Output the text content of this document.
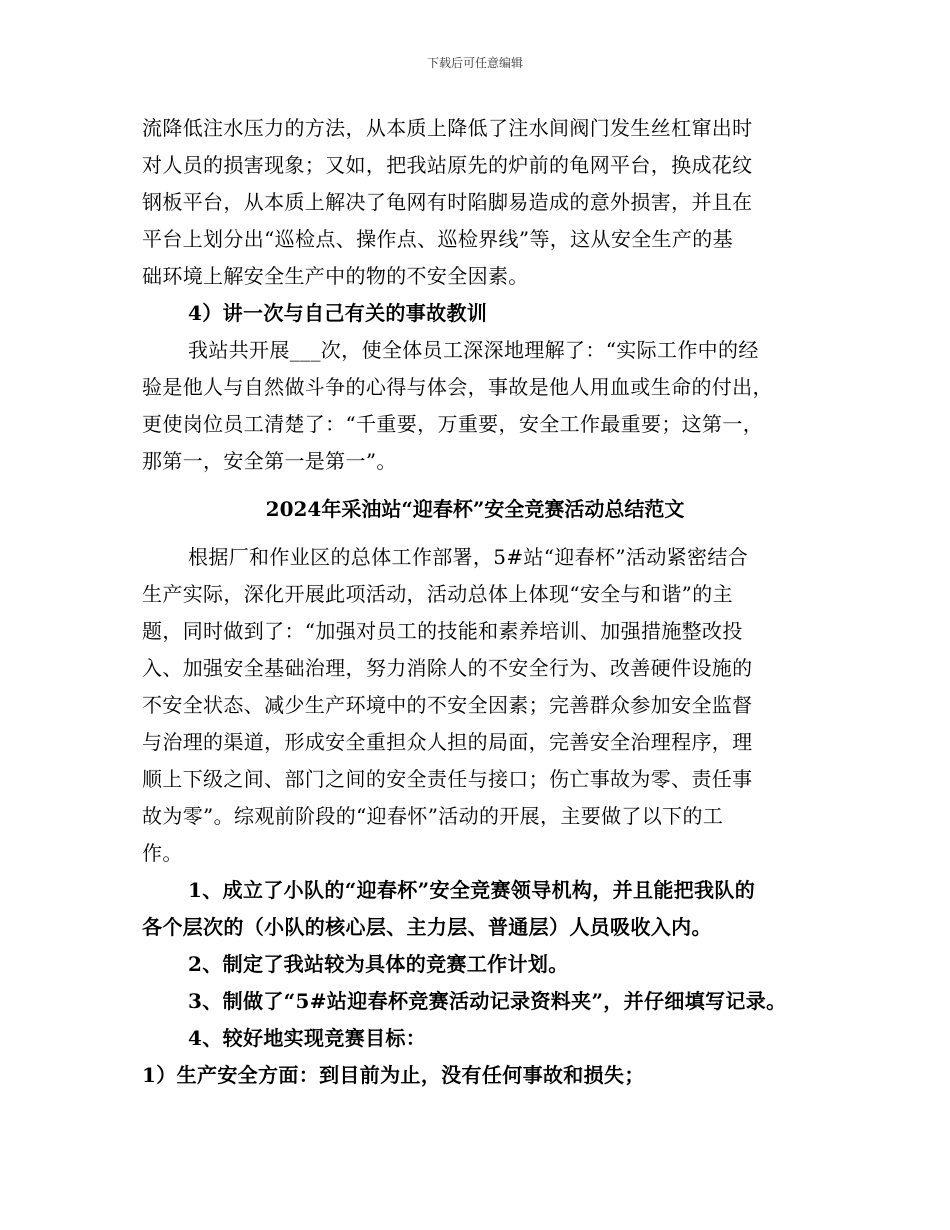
下载后可任意编辑
流降低注水压力的方法，从本质上降低了注水间阀门发生丝杠窜出时
对人员的损害现象；又如，把我站原先的炉前的龟网平台，换成花纹
钢板平台，从本质上解决了龟网有时陷脚易造成的意外损害，并且在
平台上划分出“巡检点、操作点、巡检界线”等，这从安全生产的基
础环境上解安全生产中的物的不安全因素。
4）讲一次与自己有关的事故教训
我站共开展___次，使全体员工深深地理解了：“实际工作中的经
验是他人与自然做斗争的心得与体会，事故是他人用血或生命的付出，
更使岗位员工清楚了：“千重要，万重要，安全工作最重要；这第一，
那第一，安全第一是第一”。
2024年采油站“迎春杯”安全竞赛活动总结范文
根据厂和作业区的总体工作部署，5#站“迎春杯”活动紧密结合
生产实际，深化开展此项活动，活动总体上体现“安全与和谐”的主
题，同时做到了：“加强对员工的技能和素养培训、加强措施整改投
入、加强安全基础治理，努力消除人的不安全行为、改善硬件设施的
不安全状态、减少生产环境中的不安全因素；完善群众参加安全监督
与治理的渠道，形成安全重担众人担的局面，完善安全治理程序，理
顺上下级之间、部门之间的安全责任与接口；伤亡事故为零、责任事
故为零”。综观前阶段的“迎春怀”活动的开展，主要做了以下的工
作。
1、成立了小队的“迎春杯”安全竞赛领导机构，并且能把我队的
各个层次的（小队的核心层、主力层、普通层）人员吸收入内。
2、制定了我站较为具体的竞赛工作计划。
3、制做了“5#站迎春杯竞赛活动记录资料夹”，并仔细填写记录。
4、较好地实现竞赛目标：
1）生产安全方面：到目前为止，没有任何事故和损失；
